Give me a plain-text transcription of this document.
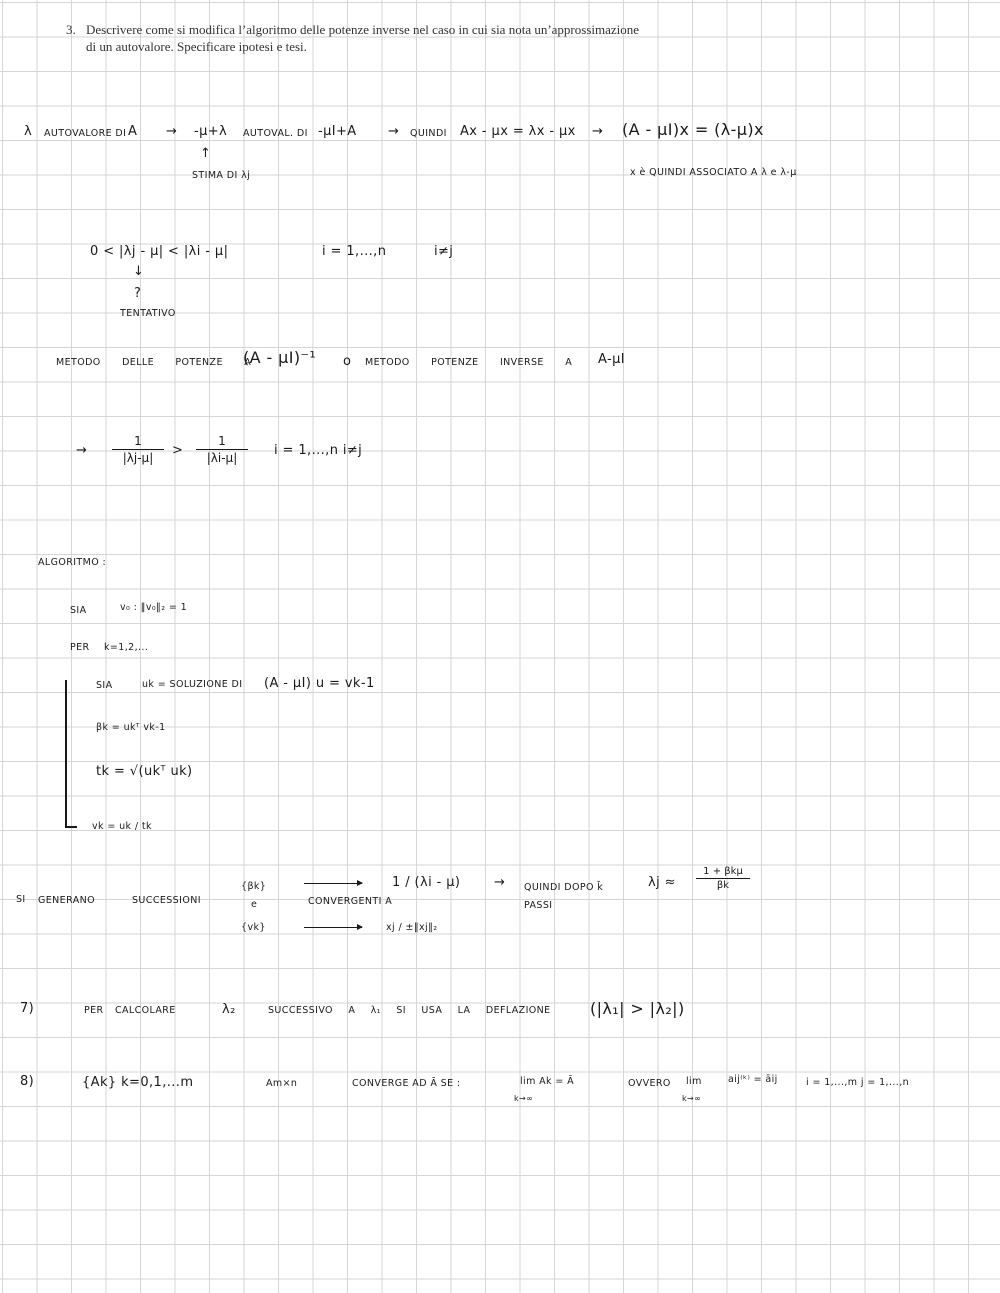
3. Descrivere come si modifica l’algoritmo delle potenze inverse nel caso in cui sia nota un’approssimazione
di un autovalore. Specificare ipotesi e tesi.
λ AUTOVALORE DI A → -μ+λ AUTOVAL. DI -μI+A → QUINDI Ax - μx = λx - μx → (A - μI)x = (λ-μ)x
↑
STIMA DI λj	x è QUINDI ASSOCIATO A λ e λ-μ
0 < |λj - μ| < |λi - μ|	i = 1,...,n	i≠j
↓
?
TENTATIVO
METODO DELLE POTENZE A
(A - μI)⁻¹ o METODO POTENZE INVERSE A A-μI
→
1
|λj-μ|	>
1
|λi-μ|	i = 1,...,n i≠j
ALGORITMO :
SIA	v₀ : ‖v₀‖₂ = 1
PER k=1,2,...
SIA	uk = SOLUZIONE DI (A - μI) u = vk-1
βk = ukᵀ vk-1
tk = √(ukᵀ uk)
vk = uk / tk
SI GENERANO	SUCCESSIONI
{βk}
e
{vk}
CONVERGENTI A
1 / (λi - μ)
xj / ±‖xj‖₂
→ QUINDI DOPO k̄ PASSI
λj ≈
1 + βkμ
βk
7)	PER CALCOLARE	λ₂	SUCCESSIVO A λ₁ SI USA LA DEFLAZIONE (|λ₁| > |λ₂|)
8)	{Ak} k=0,1,...m	Am×n	CONVERGE AD Ā SE :	lim Ak = Ā
k→∞
OVVERO lim
k→∞
aij⁽ᵏ⁾ = āij	i = 1,...,m j = 1,...,n
